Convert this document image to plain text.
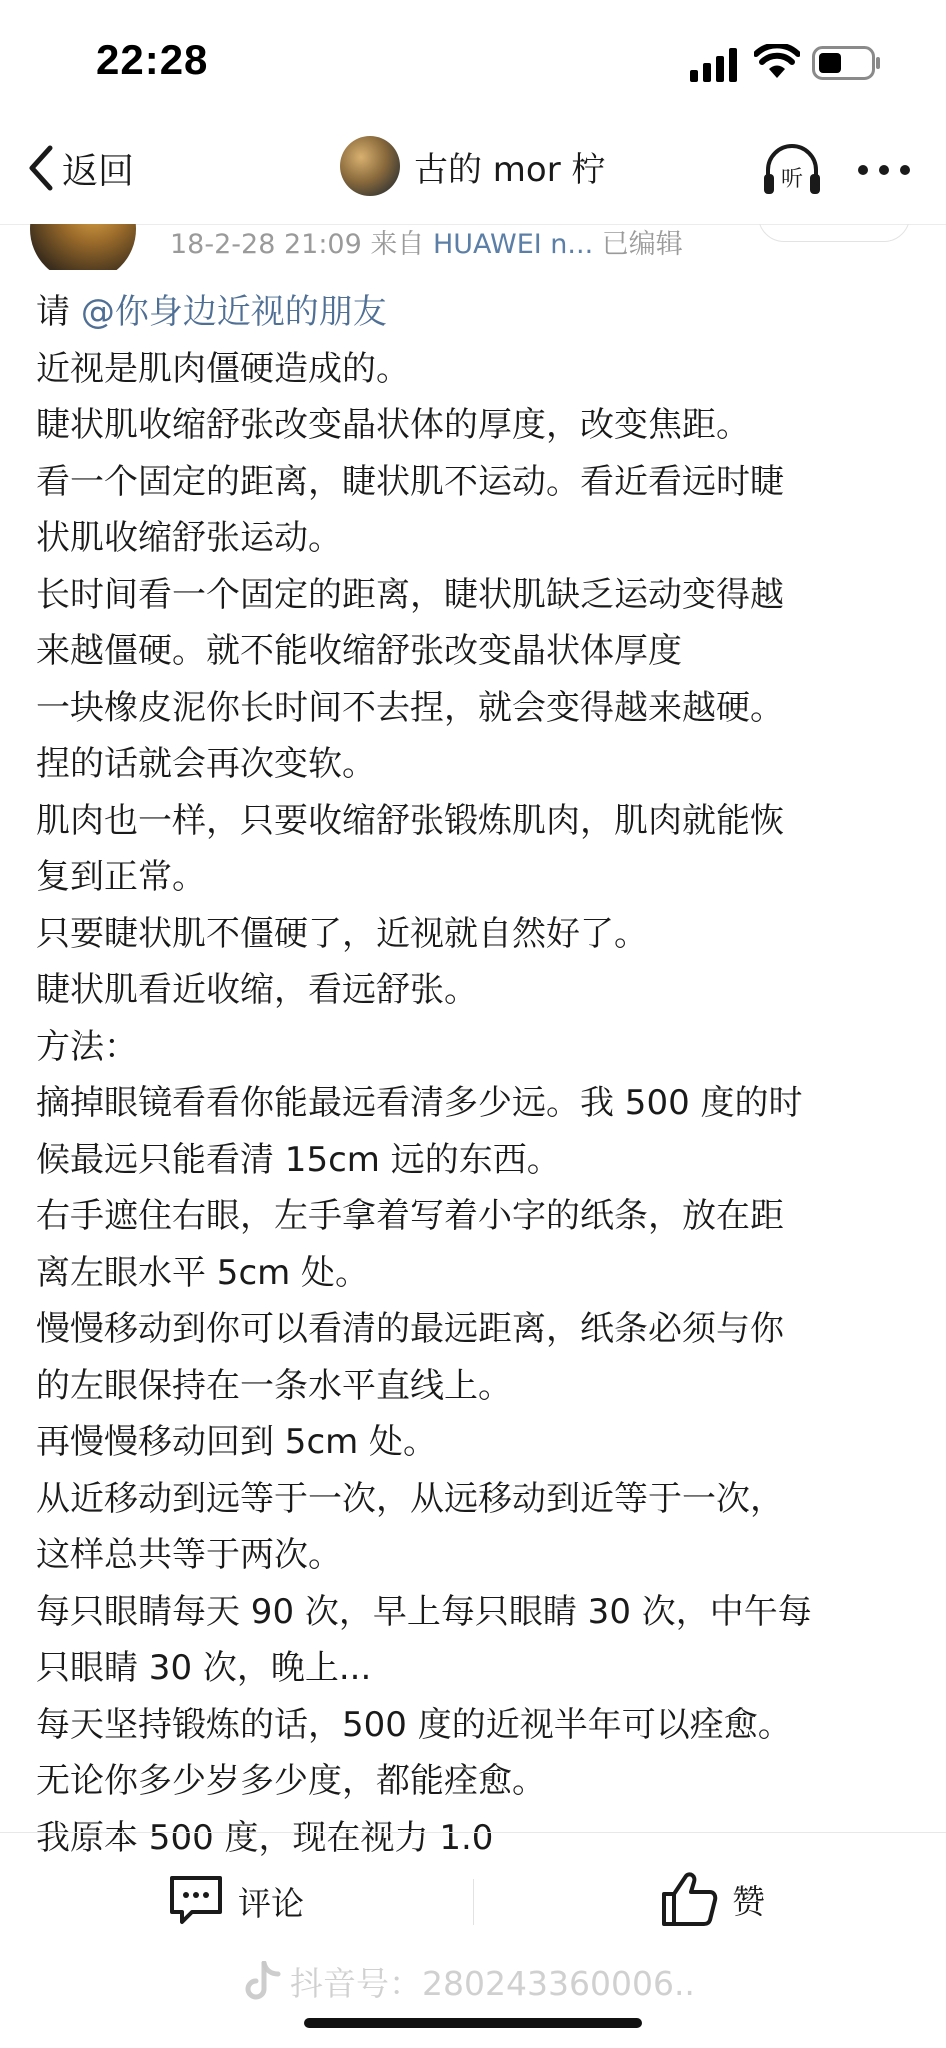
22:28
返回	古的 mor 柠	听
18-2-28 21:09 来自 HUAWEI n... 已编辑
请 @你身边近视的朋友
近视是肌肉僵硬造成的。
睫状肌收缩舒张改变晶状体的厚度，改变焦距。
看一个固定的距离，睫状肌不运动。看近看远时睫
状肌收缩舒张运动。
长时间看一个固定的距离，睫状肌缺乏运动变得越
来越僵硬。就不能收缩舒张改变晶状体厚度
一块橡皮泥你长时间不去捏，就会变得越来越硬。
捏的话就会再次变软。
肌肉也一样，只要收缩舒张锻炼肌肉，肌肉就能恢
复到正常。
只要睫状肌不僵硬了，近视就自然好了。
睫状肌看近收缩，看远舒张。
方法：
摘掉眼镜看看你能最远看清多少远。我 500 度的时
候最远只能看清 15cm 远的东西。
右手遮住右眼，左手拿着写着小字的纸条，放在距
离左眼水平 5cm 处。
慢慢移动到你可以看清的最远距离，纸条必须与你
的左眼保持在一条水平直线上。
再慢慢移动回到 5cm 处。
从近移动到远等于一次，从远移动到近等于一次，
这样总共等于两次。
每只眼睛每天 90 次，早上每只眼睛 30 次，中午每
只眼睛 30 次，晚上...
每天坚持锻炼的话，500 度的近视半年可以痊愈。
无论你多少岁多少度，都能痊愈。
我原本 500 度，现在视力 1.0
评论	赞
抖音号：280243360006..
